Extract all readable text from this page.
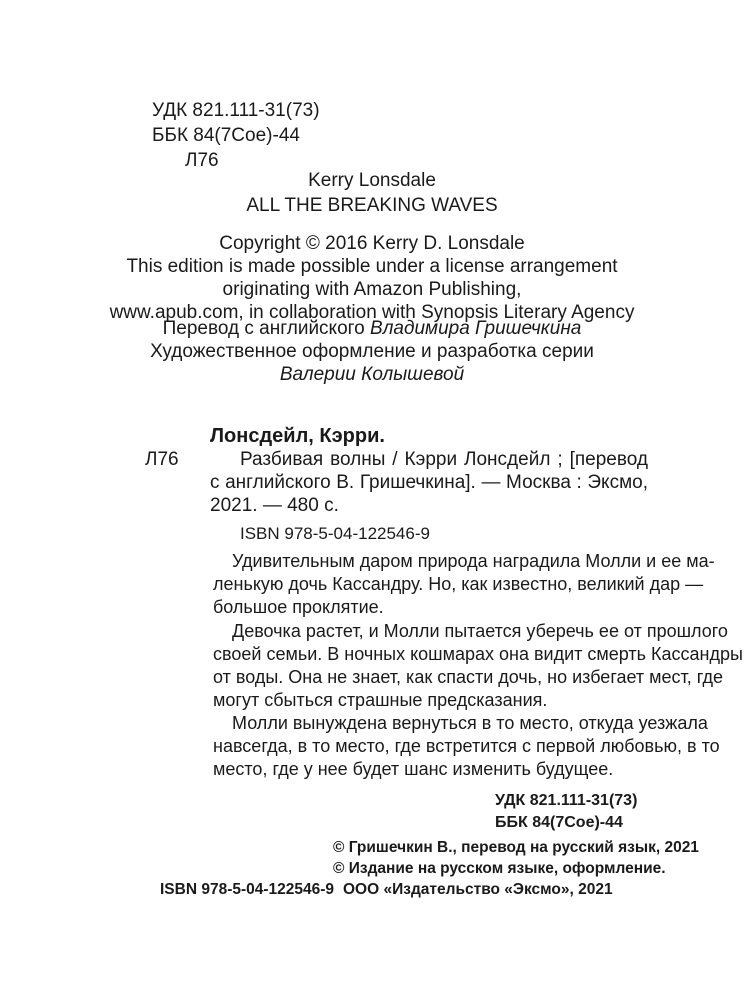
УДК 821.111-31(73)
ББК 84(7Сое)-44
Л76
Kerry Lonsdale
ALL THE BREAKING WAVES
Copyright © 2016 Kerry D. Lonsdale
This edition is made possible under a license arrangement
originating with Amazon Publishing,
www.apub.com, in collaboration with Synopsis Literary Agency
Перевод с английского Владимира Гришечкина
Художественное оформление и разработка серии
Валерии Колышевой
Лонсдейл, Кэрри.
Л76	Разбивая волны / Кэрри Лонсдейл ; [перевод
с английского В. Гришечкина]. — Москва : Эксмо,
2021. — 480 с.
ISBN 978-5-04-122546-9
Удивительным даром природа наградила Молли и ее ма-
ленькую дочь Кассандру. Но, как известно, великий дар —
большое проклятие.
Девочка растет, и Молли пытается уберечь ее от прошлого
своей семьи. В ночных кошмарах она видит смерть Кассандры
от воды. Она не знает, как спасти дочь, но избегает мест, где
могут сбыться страшные предсказания.
Молли вынуждена вернуться в то место, откуда уезжала
навсегда, в то место, где встретится с первой любовью, в то
место, где у нее будет шанс изменить будущее.
УДК 821.111-31(73)
ББК 84(7Сое)-44
© Гришечкин В., перевод на русский язык, 2021
© Издание на русском языке, оформление.
ISBN 978-5-04-122546-9 ООО «Издательство «Эксмо», 2021
